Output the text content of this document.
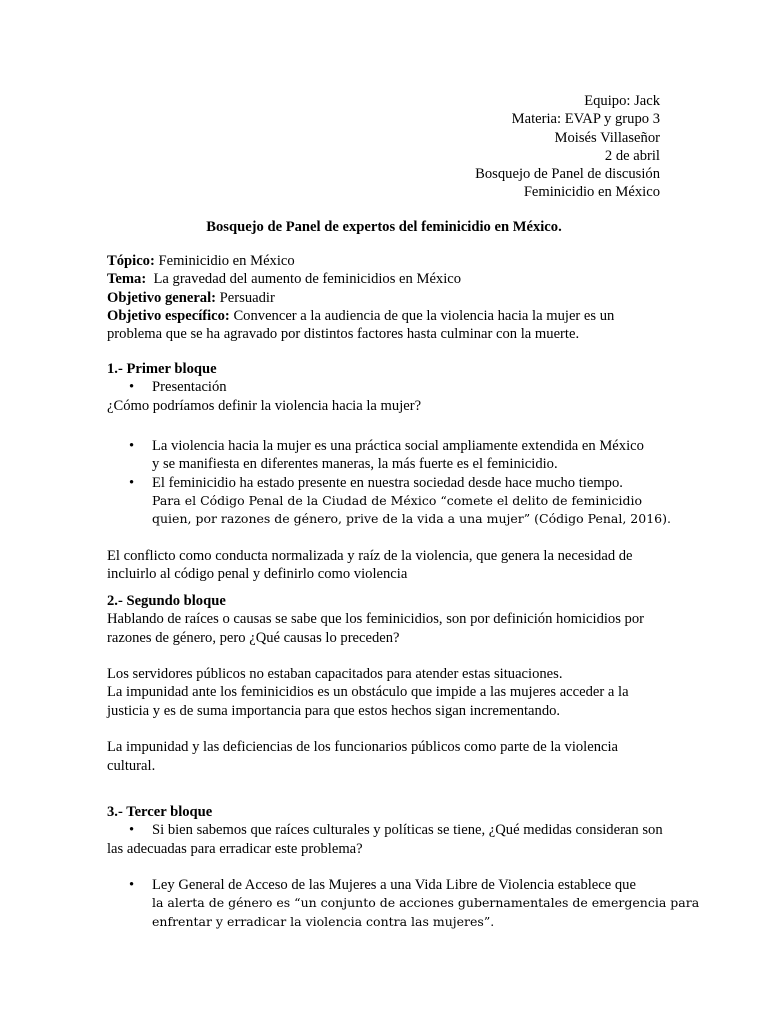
Equipo: Jack
Materia: EVAP y grupo 3
Moisés Villaseñor
2 de abril
Bosquejo de Panel de discusión
Feminicidio en México
Bosquejo de Panel de expertos del feminicidio en México.
Tópico: Feminicidio en México
Tema:  La gravedad del aumento de feminicidios en México
Objetivo general: Persuadir
Objetivo específico: Convencer a la audiencia de que la violencia hacia la mujer es un
problema que se ha agravado por distintos factores hasta culminar con la muerte.
1.- Primer bloque
• Presentación
¿Cómo podríamos definir la violencia hacia la mujer?
• La violencia hacia la mujer es una práctica social ampliamente extendida en México
y se manifiesta en diferentes maneras, la más fuerte es el feminicidio.
• El feminicidio ha estado presente en nuestra sociedad desde hace mucho tiempo.
Para el Código Penal de la Ciudad de México “comete el delito de feminicidio
quien, por razones de género, prive de la vida a una mujer” (Código Penal, 2016).
El conflicto como conducta normalizada y raíz de la violencia, que genera la necesidad de
incluirlo al código penal y definirlo como violencia
2.- Segundo bloque
Hablando de raíces o causas se sabe que los feminicidios, son por definición homicidios por
razones de género, pero ¿Qué causas lo preceden?
Los servidores públicos no estaban capacitados para atender estas situaciones.
La impunidad ante los feminicidios es un obstáculo que impide a las mujeres acceder a la
justicia y es de suma importancia para que estos hechos sigan incrementando.
La impunidad y las deficiencias de los funcionarios públicos como parte de la violencia
cultural.
3.- Tercer bloque
• Si bien sabemos que raíces culturales y políticas se tiene, ¿Qué medidas consideran son
las adecuadas para erradicar este problema?
• Ley General de Acceso de las Mujeres a una Vida Libre de Violencia establece que
la alerta de género es “un conjunto de acciones gubernamentales de emergencia para
enfrentar y erradicar la violencia contra las mujeres”.
